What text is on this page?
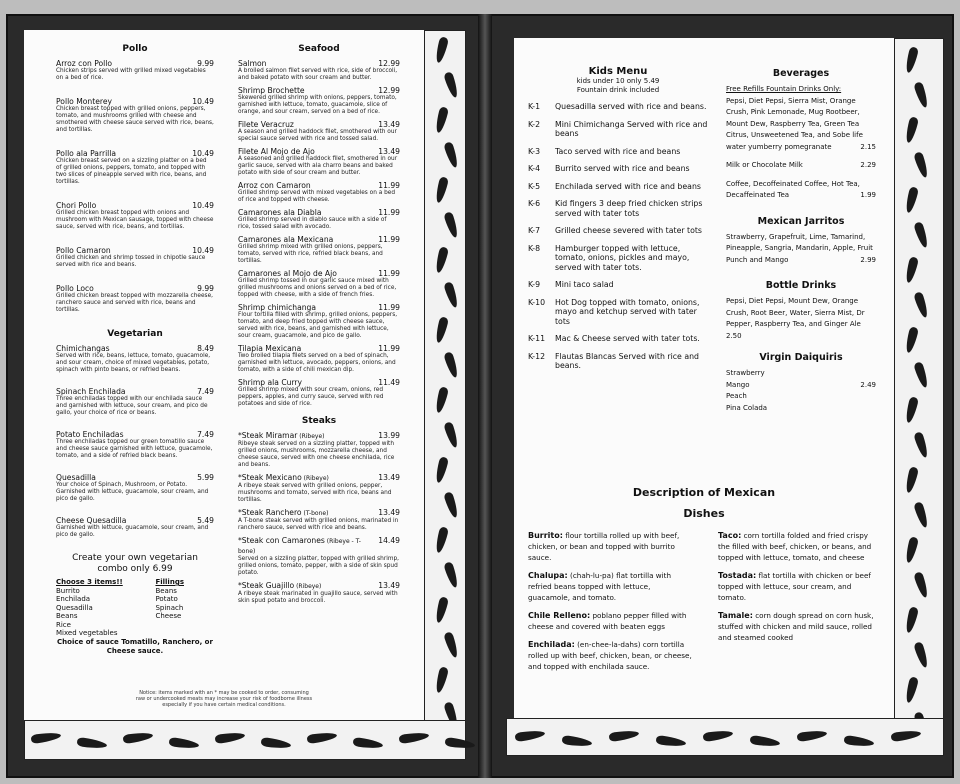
Pollo
Arroz con Pollo	9.99
Chicken strips served with grilled mixed vegetables on a bed of rice.
Pollo Monterey	10.49
Chicken breast topped with grilled onions, peppers, tomato, and mushrooms grilled with cheese and smothered with cheese sauce served with rice, beans, and tortillas.
Pollo ala Parrilla	10.49
Chicken breast served on a sizzling platter on a bed of grilled onions, peppers, tomato, and topped with two slices of pineapple served with rice, beans, and tortillas.
Chori Pollo	10.49
Grilled chicken breast topped with onions and mushroom with Mexican sausage, topped with cheese sauce, served with rice, beans, and tortillas.
Pollo Camaron	10.49
Grilled chicken and shrimp tossed in chipotle sauce served with rice and beans.
Pollo Loco	9.99
Grilled chicken breast topped with mozzarella cheese, ranchero sauce and served with rice, beans and tortillas.
Vegetarian
Chimichangas	8.49
Served with rice, beans, lettuce, tomato, guacamole, and sour cream, choice of mixed vegetables, potato, spinach with pinto beans, or refried beans.
Spinach Enchilada	7.49
Three enchiladas topped with our enchilada sauce and garnished with lettuce, sour cream, and pico de gallo, your choice of rice or beans.
Potato Enchiladas	7.49
Three enchiladas topped our green tomatillo sauce and cheese sauce garnished with lettuce, guacamole, tomato, and a side of refried black beans.
Quesadilla	5.99
Your choice of Spinach, Mushroom, or Potato. Garnished with lettuce, guacamole, sour cream, and pico de gallo.
Cheese Quesadilla	5.49
Garnished with lettuce, guacamole, sour cream, and pico de gallo.
Create your own vegetarian combo only 6.99
Choose 3 items!!
Burrito
Enchilada
Quesadilla
Beans
Rice
Mixed vegetables
Fillings
Beans
Potato
Spinach
Cheese
Choice of sauce Tomatillo, Ranchero, or Cheese sauce.
Seafood
Salmon	12.99
A broiled salmon filet served with rice, side of broccoli, and baked potato with sour cream and butter.
Shrimp Brochette	12.99
Skewered grilled shrimp with onions, peppers, tomato, garnished with lettuce, tomato, guacamole, slice of orange, and sour cream, served on a bed of rice.
Filete Veracruz	13.49
A season and grilled haddock filet, smothered with our special sauce served with rice and tossed salad.
Filete Al Mojo de Ajo	13.49
A seasoned and grilled haddock filet, smothered in our garlic sauce, served with ala charro beans and baked potato with side of sour cream and butter.
Arroz con Camaron	11.99
Grilled shrimp served with mixed vegetables on a bed of rice and topped with cheese.
Camarones ala Diabla	11.99
Grilled shrimp served in diablo sauce with a side of rice, tossed salad with avocado.
Camarones ala Mexicana	11.99
Grilled shrimp mixed with grilled onions, peppers, tomato, served with rice, refried black beans, and tortillas.
Camarones al Mojo de Ajo	11.99
Grilled shrimp tossed in our garlic sauce mixed with grilled mushrooms and onions served on a bed of rice, topped with cheese, with a side of french fries.
Shrimp chimichanga	11.99
Flour tortilla filled with shrimp, grilled onions, peppers, tomato, and deep fried topped with cheese sauce, served with rice, beans, and garnished with lettuce, sour cream, guacamole, and pico de gallo.
Tilapia Mexicana	11.99
Two broiled tilapia filets served on a bed of spinach, garnished with lettuce, avocado, peppers, onions, and tomato, with a side of chili mexican dip.
Shrimp ala Curry	11.49
Grilled shrimp mixed with sour cream, onions, red peppers, apples, and curry sauce, served with red potatoes and side of rice.
Steaks
*Steak Miramar (Ribeye)	13.99
Ribeye steak served on a sizzling platter, topped with grilled onions, mushrooms, mozzarella cheese, and cheese sauce, served with one cheese enchilada, rice and beans.
*Steak Mexicano (Ribeye)	13.49
A ribeye steak served with grilled onions, pepper, mushrooms and tomato, served with rice, beans and tortillas.
*Steak Ranchero (T-bone)	13.49
A T-bone steak served with grilled onions, marinated in ranchero sauce, served with rice and beans.
*Steak con Camarones (Ribeye - T-bone)
14.49
Served on a sizzling platter, topped with grilled shrimp, grilled onions, tomato, pepper, with a side of skin spud potato.
*Steak Guajillo (Ribeye)	13.49
A ribeye steak marinated in guajillo sauce, served with skin spud potato and broccoli.
Notice: items marked with an * may be cooked to order, consuming raw or undercooked meats may increase your risk of foodborne illness especially if you have certain medical conditions.
Kids Menu
kids under 10 only 5.49
Fountain drink included
K-1	Quesadilla served with rice and beans.
K-2	Mini Chimichanga Served with rice and beans
K-3	Taco served with rice and beans
K-4	Burrito served with rice and beans
K-5	Enchilada served with rice and beans
K-6	Kid fingers 3 deep fried chicken strips served with tater tots
K-7	Grilled cheese severed with tater tots
K-8	Hamburger topped with lettuce, tomato, onions, pickles and mayo, served with tater tots.
K-9	Mini taco salad
K-10	Hot Dog topped with tomato, onions, mayo and ketchup served with tater tots
K-11	Mac & Cheese served with tater tots.
K-12	Flautas Blancas Served with rice and beans.
Beverages
Free Refills Fountain Drinks Only:
Pepsi, Diet Pepsi, Sierra Mist, Orange Crush, Pink Lemonade, Mug Rootbeer, Mount Dew, Raspberry Tea, Green Tea Citrus, Unsweetened Tea, and Sobe life water yumberry pomegranate	2.15
Milk or Chocolate Milk	2.29
Coffee, Decoffeinated Coffee, Hot Tea, Decaffeinated Tea	1.99
Mexican Jarritos
Strawberry, Grapefruit, Lime, Tamarind, Pineapple, Sangria, Mandarin, Apple, Fruit Punch and Mango	2.99
Bottle Drinks
Pepsi, Diet Pepsi, Mount Dew, Orange Crush, Root Beer, Water, Sierra Mist, Dr Pepper, Raspberry Tea, and Ginger Ale 2.50
Virgin Daiquiris
Strawberry
Mango	2.49
Peach
Pina Colada
Description of Mexican
Dishes
Burrito: flour tortilla rolled up with beef, chicken, or bean and topped with burrito sauce.
Chalupa: (chah-lu-pa) flat tortilla with refried beans topped with lettuce, guacamole, and tomato.
Chile Relleno: poblano pepper filled with cheese and covered with beaten eggs
Enchilada: (en-chee-la-dahs) corn tortilla rolled up with beef, chicken, bean, or cheese, and topped with enchilada sauce.
Taco: corn tortilla folded and fried crispy the filled with beef, chicken, or beans, and topped with lettuce, tomato, and cheese
Tostada: flat tortilla with chicken or beef topped with lettuce, sour cream, and tomato.
Tamale: corn dough spread on corn husk, stuffed with chicken and mild sauce, rolled and steamed cooked
